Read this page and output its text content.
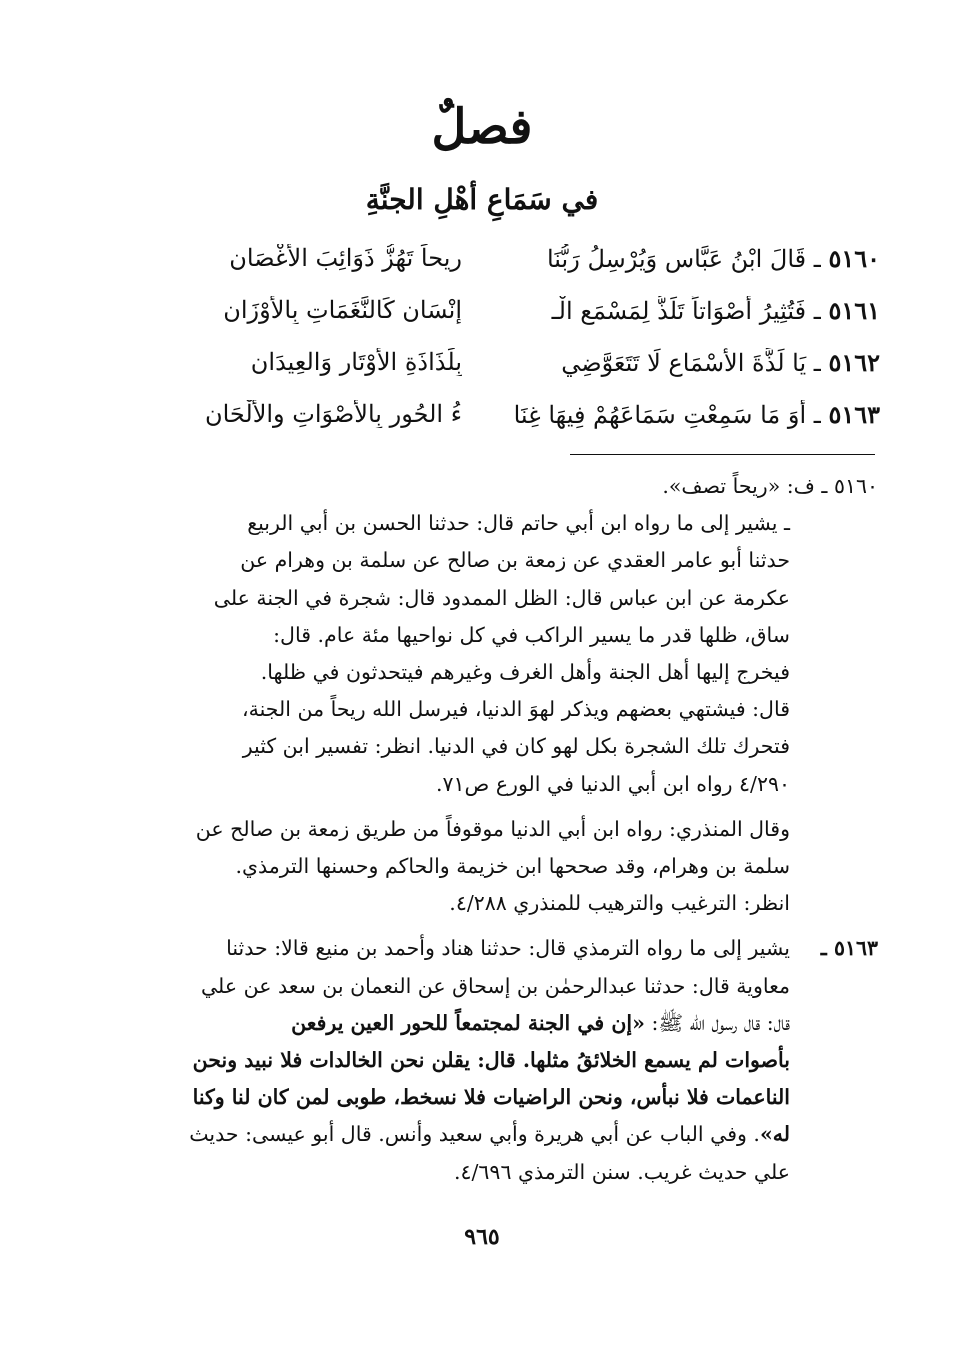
فصلٌ
في سَمَاعِ أهْلِ الجنَّةِ
٥١٦٠ ـ قَالَ ابْنُ عَبَّاسٍ وَيُرْسِلُ رَبُّنَا
رِيحاً تَهُزُّ ذَوَائِبَ الأغْصَانِ
٥١٦١ ـ فَتُثِيرُ أَصْوَاتاً تَلَذُّ لِمَسْمَعِ الْـ
إنْسَانِ كَالنَّغَمَاتِ بِالأوْزَانِ
٥١٦٢ ـ يَا لَذَّةَ الأسْمَاعِ لَا تَتَعَوَّضِي
بِلَذَاذَةِ الأوْتَارِ وَالعِيدَانِ
٥١٦٣ ـ أوَ مَا سَمِعْتِ سَمَاعَهُمْ فِيهَا غِنَا
ءُ الحُورِ بِالأصْوَاتِ والألْحَانِ
٥١٦٠ ـ ف: «ريحاً تصف».
ـ يشير إلى ما رواه ابن أبي حاتم قال: حدثنا الحسن بن أبي الربيع
حدثنا أبو عامر العقدي عن زمعة بن صالح عن سلمة بن وهرام عن
عكرمة عن ابن عباس قال: الظل الممدود قال: شجرة في الجنة على
ساق، ظلها قدر ما يسير الراكب في كل نواحيها مئة عام. قال:
فيخرج إليها أهل الجنة وأهل الغرف وغيرهم فيتحدثون في ظلها.
قال: فيشتهي بعضهم ويذكر لهوَ الدنيا، فيرسل الله ريحاً من الجنة،
فتحرك تلك الشجرة بكل لهو كان في الدنيا. انظر: تفسير ابن كثير
٤/٢٩٠ رواه ابن أبي الدنيا في الورع ص٧١.
وقال المنذري: رواه ابن أبي الدنيا موقوفاً من طريق زمعة بن صالح عن
سلمة بن وهرام، وقد صححها ابن خزيمة والحاكم وحسنها الترمذي.
انظر: الترغيب والترهيب للمنذري ٤/٢٨٨.
٥١٦٣ ـ
يشير إلى ما رواه الترمذي قال: حدثنا هناد وأحمد بن منيع قالا: حدثنا
معاوية قال: حدثنا عبدالرحمٰن بن إسحاق عن النعمان بن سعد عن علي
قال: قال رسول الله ﷺ: «إن في الجنة لمجتمعاً للحور العين يرفعن
بأصوات لم يسمع الخلائقُ مثلها. قال: يقلن نحن الخالدات فلا نبيد ونحن
الناعمات فلا نبأس، ونحن الراضيات فلا نسخط، طوبى لمن كان لنا وكنا
له». وفي الباب عن أبي هريرة وأبي سعيد وأنس. قال أبو عيسى: حديث
علي حديث غريب. سنن الترمذي ٤/٦٩٦.
٩٦٥
